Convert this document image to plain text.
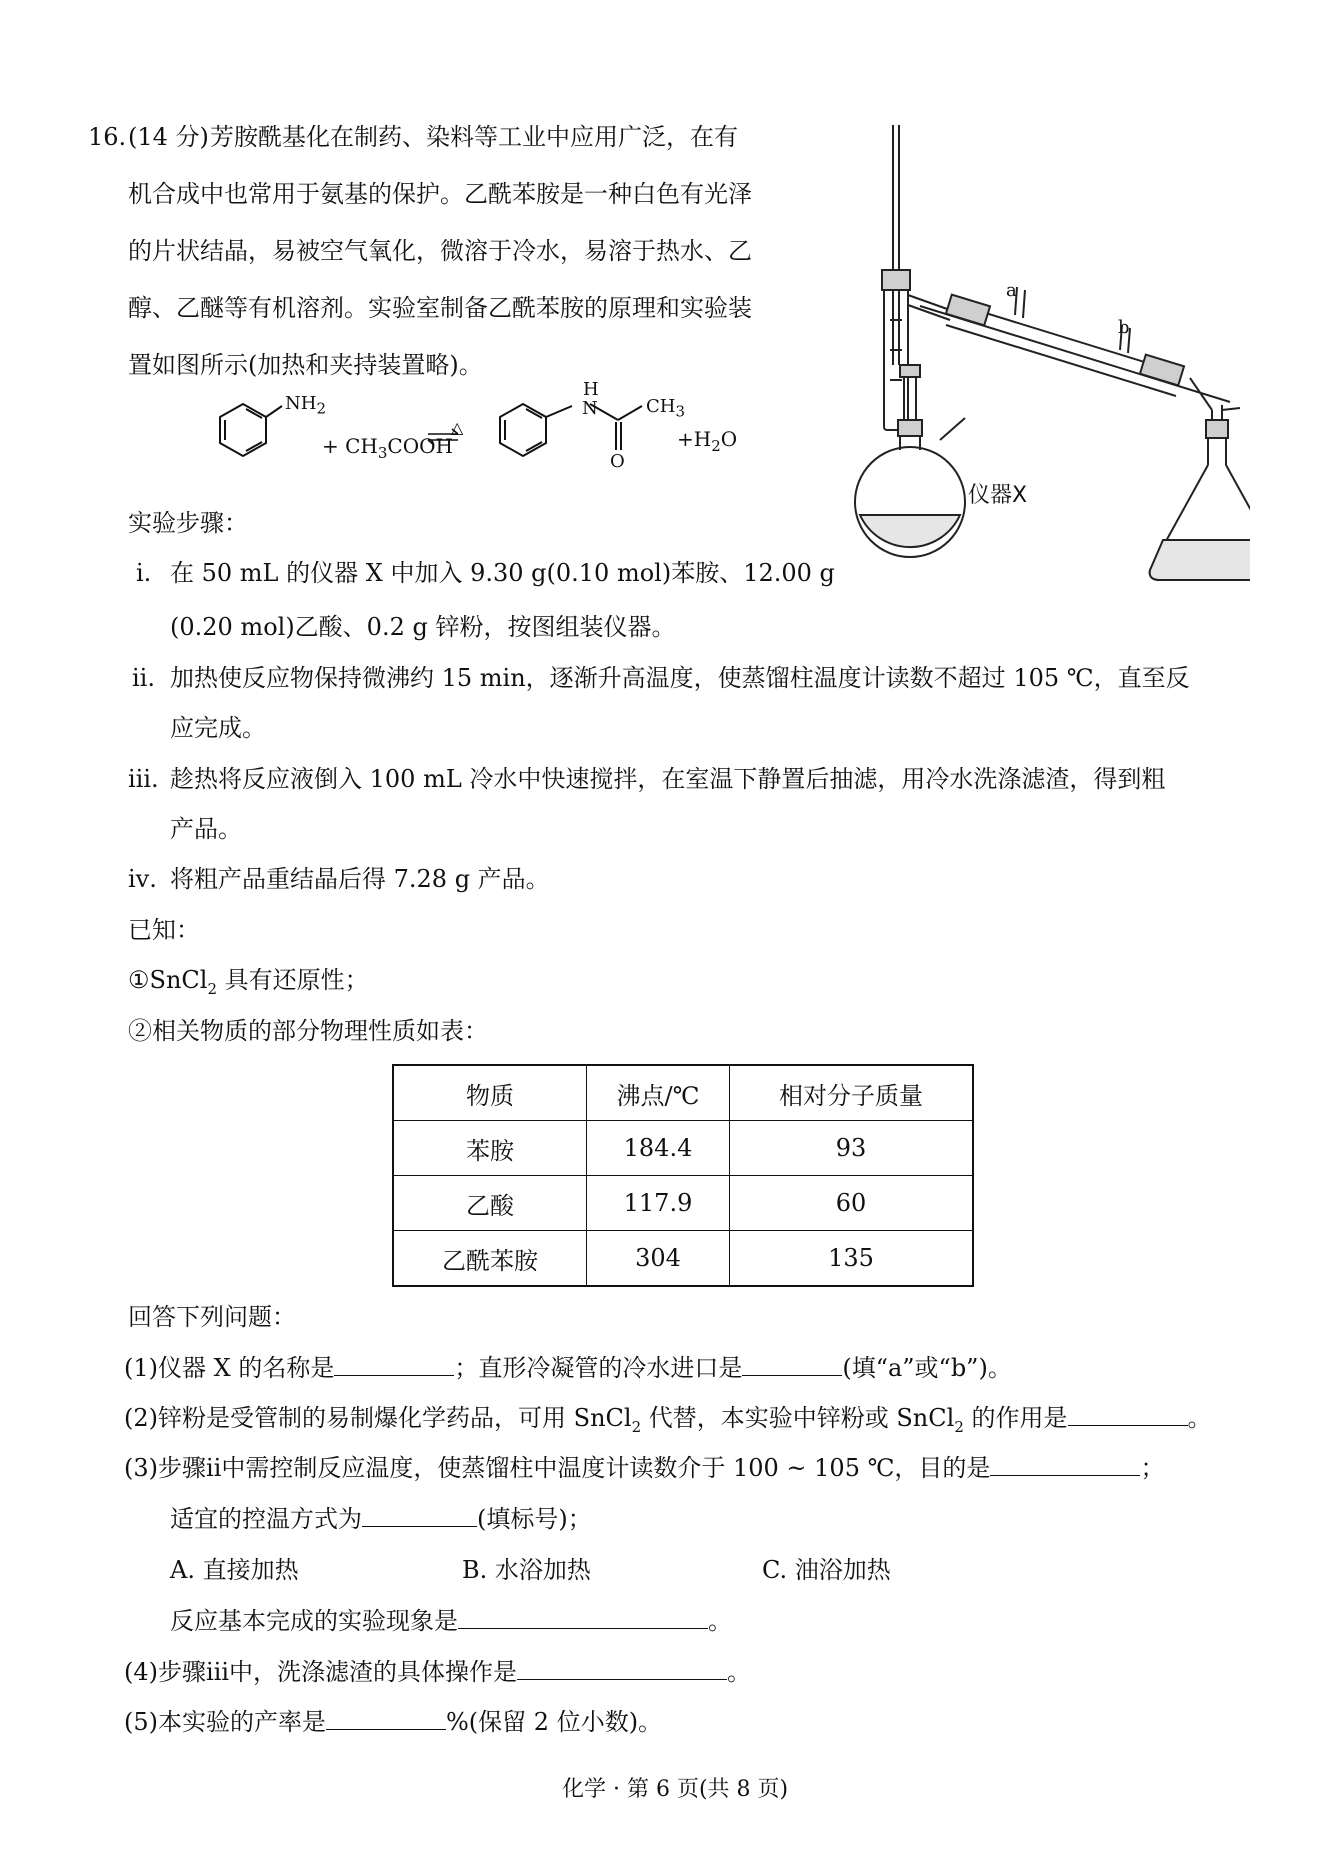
16. (14 分) 芳胺酰基化在制药、染料等工业中应用广泛，在有
机合成中也常用于氨基的保护。乙酰苯胺是一种白色有光泽
的片状结晶，易被空气氧化，微溶于冷水，易溶于热水、乙
醇、乙醚等有机溶剂。实验室制备乙酰苯胺的原理和实验装
置如图所示(加热和夹持装置略)。
$NH_2$
+ $CH_3COOH$
△
H
N	$CH_3$
O
$+H_2O$
a
b
仪器X
实验步骤：
ⅰ. 在 50 mL 的仪器 X 中加入 9.30 g(0.10 mol)苯胺、12.00 g
(0.20 mol)乙酸、0.2 g 锌粉，按图组装仪器。
ⅱ. 加热使反应物保持微沸约 15 min，逐渐升高温度，使蒸馏柱温度计读数不超过 105 ℃，直至反
应完成。
ⅲ. 趁热将反应液倒入 100 mL 冷水中快速搅拌，在室温下静置后抽滤，用冷水洗涤滤渣，得到粗
产品。
ⅳ. 将粗产品重结晶后得 7.28 g 产品。
已知：
①SnCl$_2$ 具有还原性；
②相关物质的部分物理性质如表：
物质	沸点/℃	相对分子质量
苯胺	184.4	93
乙酸	117.9	60
乙酰苯胺	304	135
回答下列问题：
(1)仪器 X 的名称是	；直形冷凝管的冷水进口是	(填“a”或“b”)。
(2)锌粉是受管制的易制爆化学药品，可用 SnCl$_2$ 代替，本实验中锌粉或 SnCl$_2$ 的作用是	。
(3)步骤ⅱ中需控制反应温度，使蒸馏柱中温度计读数介于 100 ~ 105 ℃，目的是	；
适宜的控温方式为	(填标号)；
A. 直接加热	B. 水浴加热	C. 油浴加热
反应基本完成的实验现象是	。
(4)步骤ⅲ中，洗涤滤渣的具体操作是	。
(5)本实验的产率是	%(保留 2 位小数)。
化学 · 第 6 页(共 8 页)
